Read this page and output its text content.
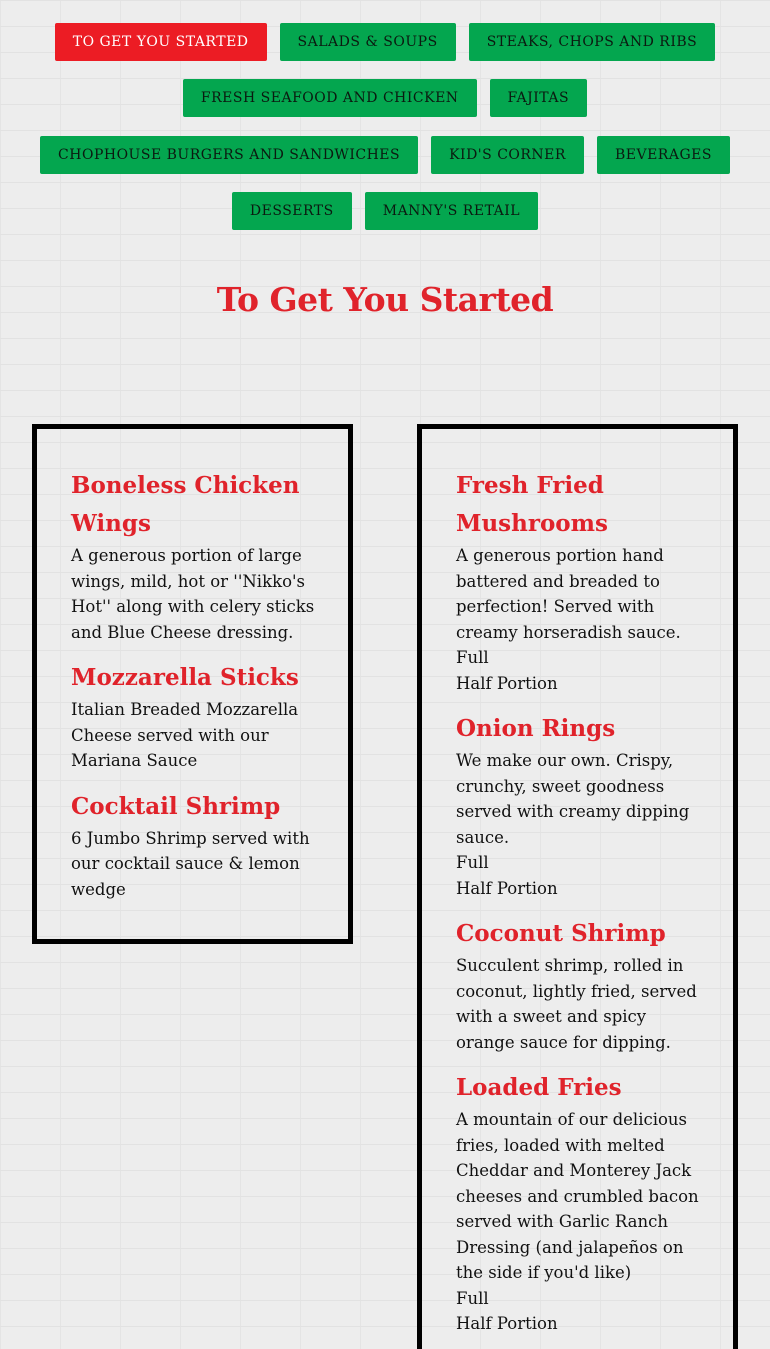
TO GET YOU STARTED	SALADS & SOUPS	STEAKS, CHOPS AND RIBS
FRESH SEAFOOD AND CHICKEN	FAJITAS
CHOPHOUSE BURGERS AND SANDWICHES	KID'S CORNER	BEVERAGES
DESSERTS	MANNY'S RETAIL
To Get You Started
Boneless Chicken Wings
A generous portion of large wings, mild, hot or ''Nikko's Hot'' along with celery sticks and Blue Cheese dressing.
Mozzarella Sticks
Italian Breaded Mozzarella Cheese served with our Mariana Sauce
Cocktail Shrimp
6 Jumbo Shrimp served with our cocktail sauce & lemon wedge
Fresh Fried Mushrooms
A generous portion hand battered and breaded to perfection! Served with creamy horseradish sauce.
Full
Half Portion
Onion Rings
We make our own. Crispy, crunchy, sweet goodness served with creamy dipping sauce.
Full
Half Portion
Coconut Shrimp
Succulent shrimp, rolled in coconut, lightly fried, served with a sweet and spicy orange sauce for dipping.
Loaded Fries
A mountain of our delicious fries, loaded with melted Cheddar and Monterey Jack cheeses and crumbled bacon served with Garlic Ranch Dressing (and jalapeños on the side if you'd like)
Full
Half Portion
